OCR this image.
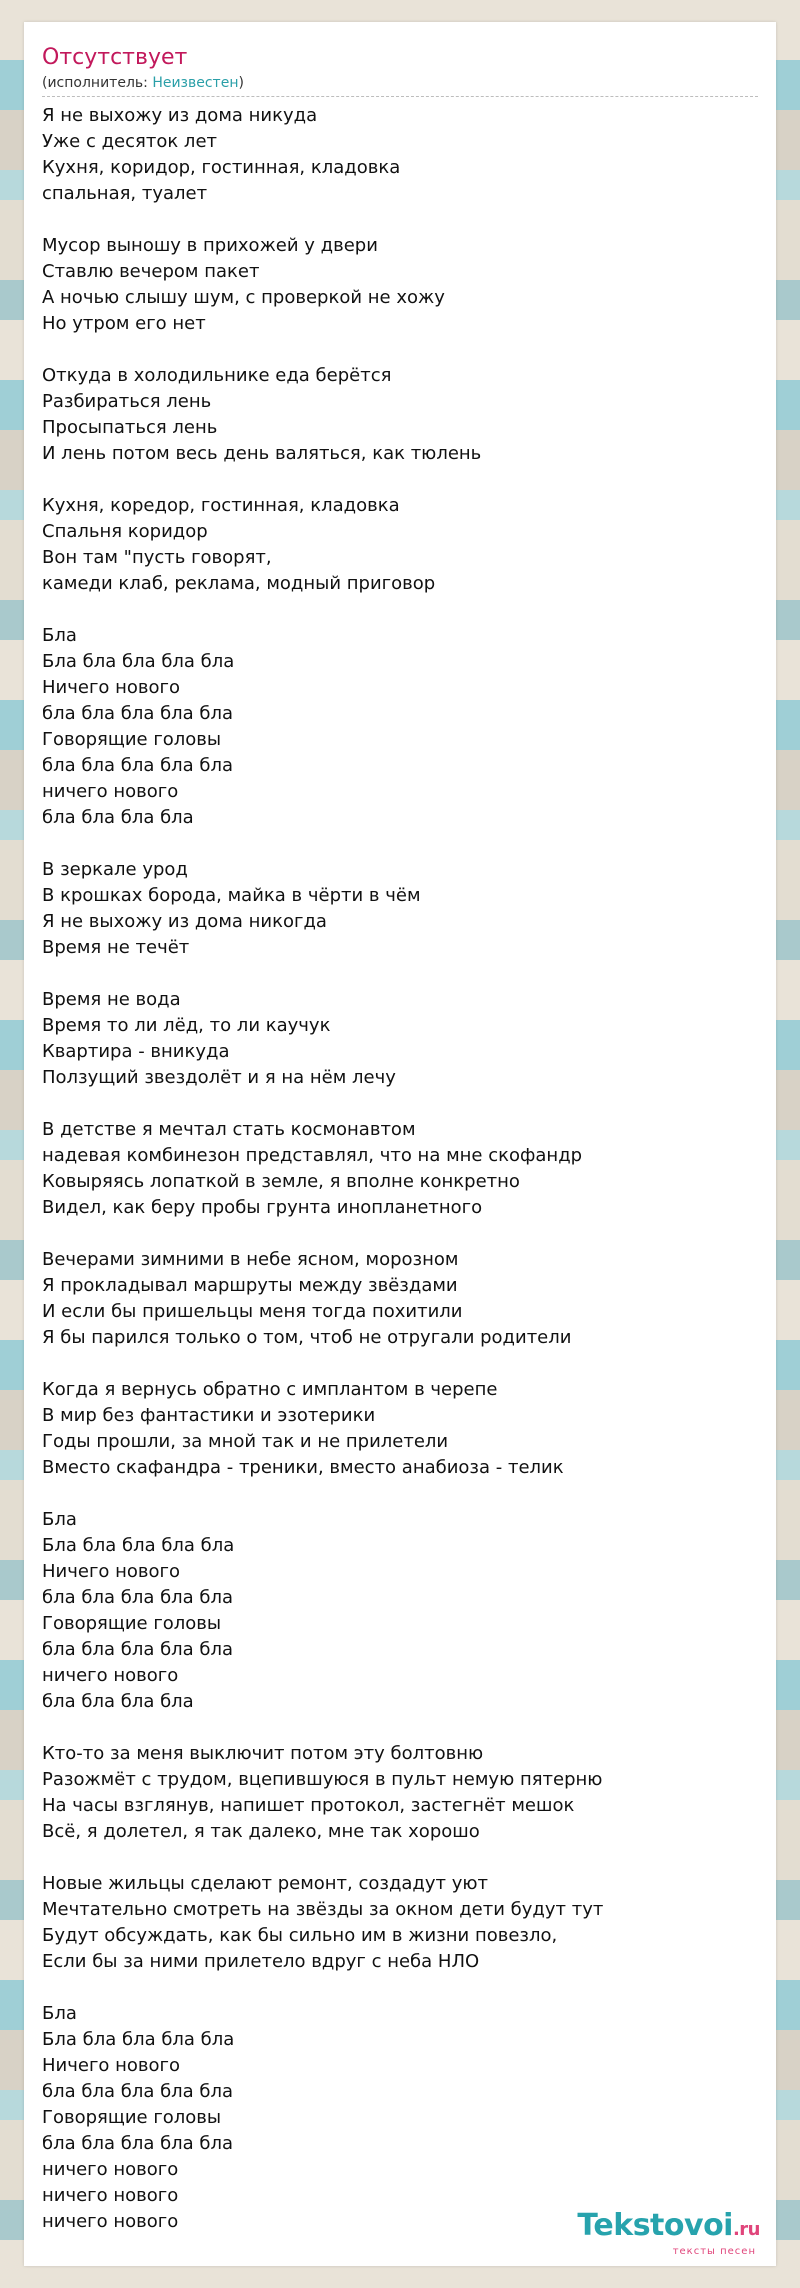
Отсутствует
(исполнитель: Неизвестен)
Я не выхожу из дома никуда
Уже с десяток лет
Кухня, коридор, гостинная, кладовка
спальная, туалет
Мусор выношу в прихожей у двери
Ставлю вечером пакет
А ночью слышу шум, с проверкой не хожу
Но утром его нет
Откуда в холодильнике еда берётся
Разбираться лень
Просыпаться лень
И лень потом весь день валяться, как тюлень
Кухня, коредор, гостинная, кладовка
Спальня коридор
Вон там "пусть говорят,
камеди клаб, реклама, модный приговор
Бла
Бла бла бла бла бла
Ничего нового
бла бла бла бла бла
Говорящие головы
бла бла бла бла бла
ничего нового
бла бла бла бла
В зеркале урод
В крошках борода, майка в чёрти в чём
Я не выхожу из дома никогда
Время не течёт
Время не вода
Время то ли лёд, то ли каучук
Квартира - вникуда
Ползущий звездолёт и я на нём лечу
В детстве я мечтал стать космонавтом
надевая комбинезон представлял, что на мне скофандр
Ковыряясь лопаткой в земле, я вполне конкретно
Видел, как беру пробы грунта инопланетного
Вечерами зимними в небе ясном, морозном
Я прокладывал маршруты между звёздами
И если бы пришельцы меня тогда похитили
Я бы парился только о том, чтоб не отругали родители
Когда я вернусь обратно с имплантом в черепе
В мир без фантастики и эзотерики
Годы прошли, за мной так и не прилетели
Вместо скафандра - треники, вместо анабиоза - телик
Бла
Бла бла бла бла бла
Ничего нового
бла бла бла бла бла
Говорящие головы
бла бла бла бла бла
ничего нового
бла бла бла бла
Кто-то за меня выключит потом эту болтовню
Разожмёт с трудом, вцепившуюся в пульт немую пятерню
На часы взглянув, напишет протокол, застегнёт мешок
Всё, я долетел, я так далеко, мне так хорошо
Новые жильцы сделают ремонт, создадут уют
Мечтательно смотреть на звёзды за окном дети будут тут
Будут обсуждать, как бы сильно им в жизни повезло,
Если бы за ними прилетело вдруг с неба НЛО
Бла
Бла бла бла бла бла
Ничего нового
бла бла бла бла бла
Говорящие головы
бла бла бла бла бла
ничего нового
ничего нового
ничего нового	Tekstovoi.ru
тексты песен
